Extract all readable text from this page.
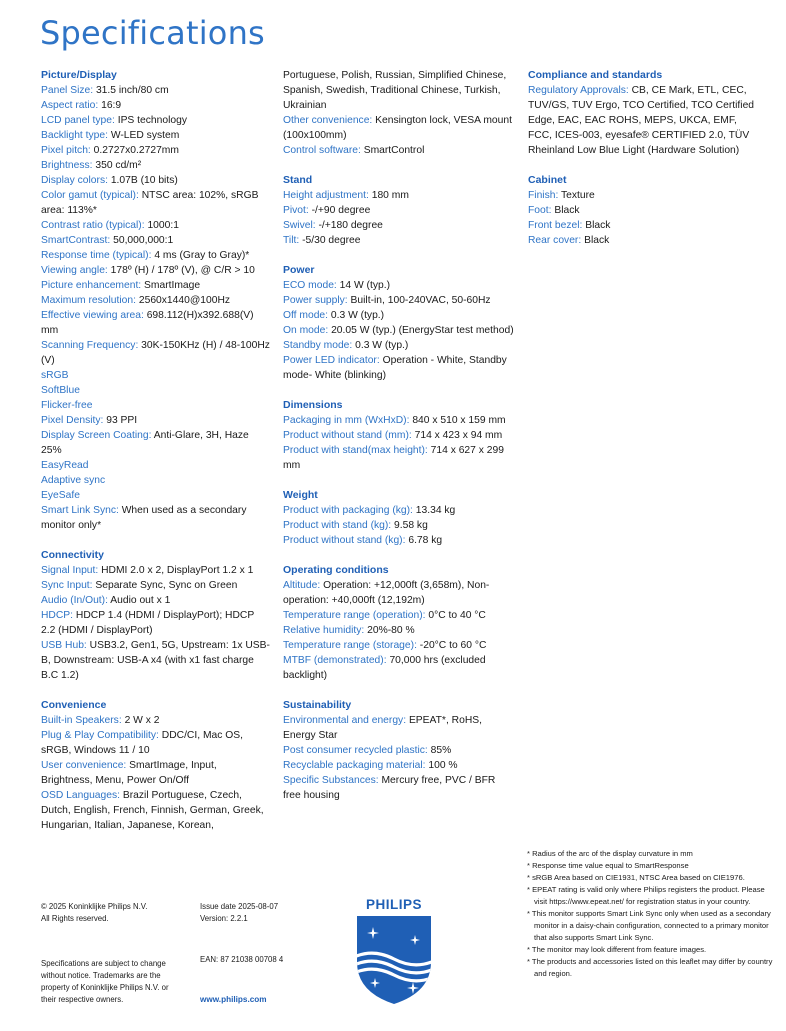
Specifications
Picture/Display
Panel Size: 31.5 inch/80 cm
Aspect ratio: 16:9
LCD panel type: IPS technology
Backlight type: W-LED system
Pixel pitch: 0.2727x0.2727mm
Brightness: 350 cd/m²
Display colors: 1.07B (10 bits)
Color gamut (typical): NTSC area: 102%, sRGB area: 113%*
Contrast ratio (typical): 1000:1
SmartContrast: 50,000,000:1
Response time (typical): 4 ms (Gray to Gray)*
Viewing angle: 178º (H) / 178º (V), @ C/R > 10
Picture enhancement: SmartImage
Maximum resolution: 2560x1440@100Hz
Effective viewing area: 698.112(H)x392.688(V) mm
Scanning Frequency: 30K-150KHz (H) / 48-100Hz (V)
sRGB
SoftBlue
Flicker-free
Pixel Density: 93 PPI
Display Screen Coating: Anti-Glare, 3H, Haze 25%
EasyRead
Adaptive sync
EyeSafe
Smart Link Sync: When used as a secondary monitor only*
Connectivity
Signal Input: HDMI 2.0 x 2, DisplayPort 1.2 x 1
Sync Input: Separate Sync, Sync on Green
Audio (In/Out): Audio out x 1
HDCP: HDCP 1.4 (HDMI / DisplayPort); HDCP 2.2 (HDMI / DisplayPort)
USB Hub: USB3.2, Gen1, 5G, Upstream: 1x USB-B, Downstream: USB-A x4 (with x1 fast charge B.C 1.2)
Convenience
Built-in Speakers: 2 W x 2
Plug & Play Compatibility: DDC/CI, Mac OS, sRGB, Windows 11 / 10
User convenience: SmartImage, Input, Brightness, Menu, Power On/Off
OSD Languages: Brazil Portuguese, Czech, Dutch, English, French, Finnish, German, Greek, Hungarian, Italian, Japanese, Korean,
Portuguese, Polish, Russian, Simplified Chinese, Spanish, Swedish, Traditional Chinese, Turkish, Ukrainian
Other convenience: Kensington lock, VESA mount (100x100mm)
Control software: SmartControl
Stand
Height adjustment: 180 mm
Pivot: -/+90 degree
Swivel: -/+180 degree
Tilt: -5/30 degree
Power
ECO mode: 14 W (typ.)
Power supply: Built-in, 100-240VAC, 50-60Hz
Off mode: 0.3 W (typ.)
On mode: 20.05 W (typ.) (EnergyStar test method)
Standby mode: 0.3 W (typ.)
Power LED indicator: Operation - White, Standby mode- White (blinking)
Dimensions
Packaging in mm (WxHxD): 840 x 510 x 159 mm
Product without stand (mm): 714 x 423 x 94 mm
Product with stand(max height): 714 x 627 x 299 mm
Weight
Product with packaging (kg): 13.34 kg
Product with stand (kg): 9.58 kg
Product without stand (kg): 6.78 kg
Operating conditions
Altitude: Operation: +12,000ft (3,658m), Non-operation: +40,000ft (12,192m)
Temperature range (operation): 0°C to 40 °C
Relative humidity: 20%-80 %
Temperature range (storage): -20°C to 60 °C
MTBF (demonstrated): 70,000 hrs (excluded backlight)
Sustainability
Environmental and energy: EPEAT*, RoHS, Energy Star
Post consumer recycled plastic: 85%
Recyclable packaging material: 100 %
Specific Substances: Mercury free, PVC / BFR free housing
Compliance and standards
Regulatory Approvals: CB, CE Mark, ETL, CEC, TUV/GS, TUV Ergo, TCO Certified, TCO Certified Edge, EAC, EAC ROHS, MEPS, UKCA, EMF, FCC, ICES-003, eyesafe® CERTIFIED 2.0, TÜV Rheinland Low Blue Light (Hardware Solution)
Cabinet
Finish: Texture
Foot: Black
Front bezel: Black
Rear cover: Black
* Radius of the arc of the display curvature in mm
* Response time value equal to SmartResponse
* sRGB Area based on CIE1931, NTSC Area based on CIE1976.
* EPEAT rating is valid only where Philips registers the product. Please visit https://www.epeat.net/ for registration status in your country.
* This monitor supports Smart Link Sync only when used as a secondary monitor in a daisy-chain configuration, connected to a primary monitor that also supports Smart Link Sync.
* The monitor may look different from feature images.
* The products and accessories listed on this leaflet may differ by country and region.
© 2025 Koninklijke Philips N.V.
All Rights reserved.
Specifications are subject to change without notice. Trademarks are the property of Koninklijke Philips N.V. or their respective owners.
Issue date 2025-08-07
Version: 2.2.1
EAN: 87 21038 00708 4
www.philips.com
PHILIPS
